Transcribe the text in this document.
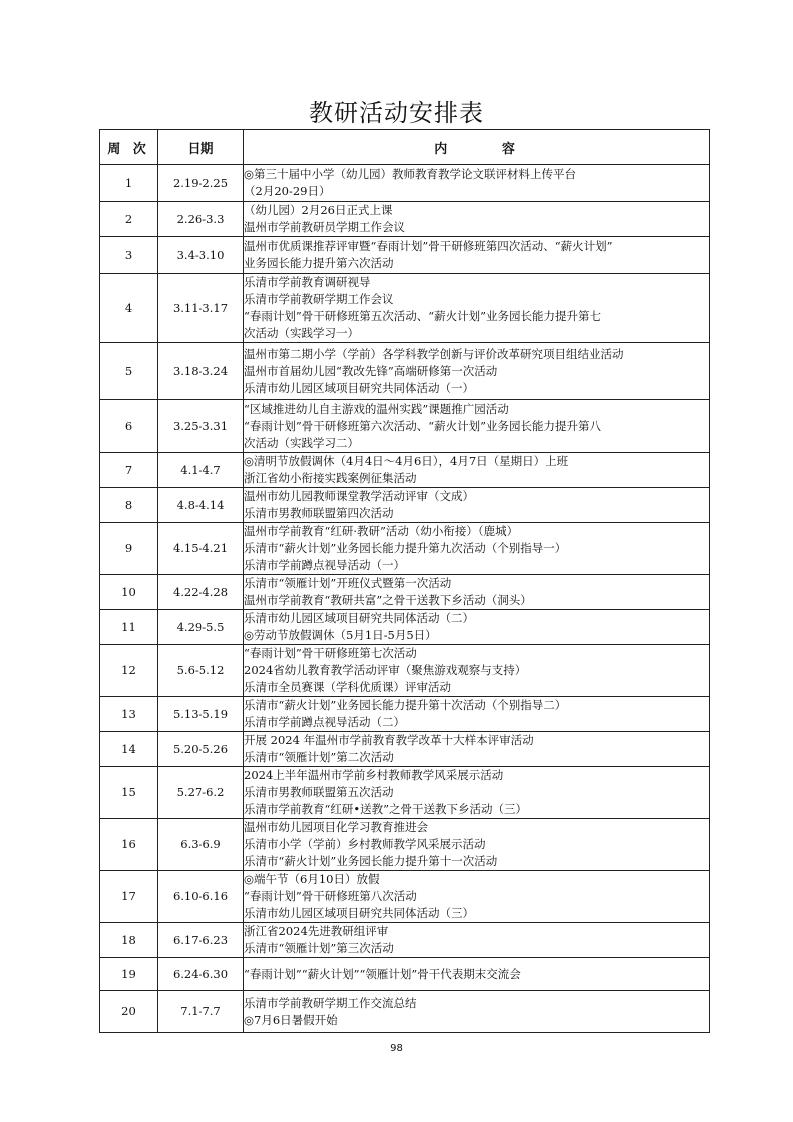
教研活动安排表
周 次	日期	内　　　容
1	2.19-2.25	◎第三十届中小学（幼儿园）教师教育教学论文联评材料上传平台
（2月20-29日）

2	2.26-3.3	（幼儿园）2月26日正式上课
温州市学前教研员学期工作会议

3	3.4-3.10	温州市优质课推荐评审暨“春雨计划”骨干研修班第四次活动、“薪火计划”
业务园长能力提升第六次活动

4	3.11-3.17	乐清市学前教育调研视导
乐清市学前教研学期工作会议
“春雨计划”骨干研修班第五次活动、“薪火计划”业务园长能力提升第七
次活动（实践学习一）

5	3.18-3.24	温州市第二期小学（学前）各学科教学创新与评价改革研究项目组结业活动
温州市首届幼儿园“教改先锋”高端研修第一次活动
乐清市幼儿园区域项目研究共同体活动（一）

6	3.25-3.31	“区域推进幼儿自主游戏的温州实践”课题推广园活动
“春雨计划”骨干研修班第六次活动、“薪火计划”业务园长能力提升第八
次活动（实践学习二）

7	4.1-4.7	◎清明节放假调休（4月4日～4月6日），4月7日（星期日）上班
浙江省幼小衔接实践案例征集活动

8	4.8-4.14	温州市幼儿园教师课堂教学活动评审（文成）
乐清市男教师联盟第四次活动

9	4.15-4.21	温州市学前教育“红研·教研”活动（幼小衔接）（鹿城）
乐清市“薪火计划”业务园长能力提升第九次活动（个别指导一）
乐清市学前蹲点视导活动（一）

10	4.22-4.28	乐清市“领雁计划”开班仪式暨第一次活动
温州市学前教育“教研共富”之骨干送教下乡活动（洞头）

11	4.29-5.5	乐清市幼儿园区域项目研究共同体活动（二）
◎劳动节放假调休（5月1日-5月5日）

12	5.6-5.12	“春雨计划”骨干研修班第七次活动
2024省幼儿教育教学活动评审（聚焦游戏观察与支持）
乐清市全员赛课（学科优质课）评审活动

13	5.13-5.19	乐清市“薪火计划”业务园长能力提升第十次活动（个别指导二）
乐清市学前蹲点视导活动（二）

14	5.20-5.26	开展 2024 年温州市学前教育教学改革十大样本评审活动
乐清市“领雁计划”第二次活动

15	5.27-6.2	2024上半年温州市学前乡村教师教学风采展示活动
乐清市男教师联盟第五次活动
乐清市学前教育“红研•送教”之骨干送教下乡活动（三）

16	6.3-6.9	温州市幼儿园项目化学习教育推进会
乐清市小学（学前）乡村教师教学风采展示活动
乐清市“薪火计划”业务园长能力提升第十一次活动

17	6.10-6.16	◎端午节（6月10日）放假
“春雨计划”骨干研修班第八次活动
乐清市幼儿园区域项目研究共同体活动（三）

18	6.17-6.23	浙江省2024先进教研组评审
乐清市“领雁计划”第三次活动

19	6.24-6.30	“春雨计划”“薪火计划”“领雁计划”骨干代表期末交流会

20	7.1-7.7	乐清市学前教研学期工作交流总结
◎7月6日暑假开始
98
